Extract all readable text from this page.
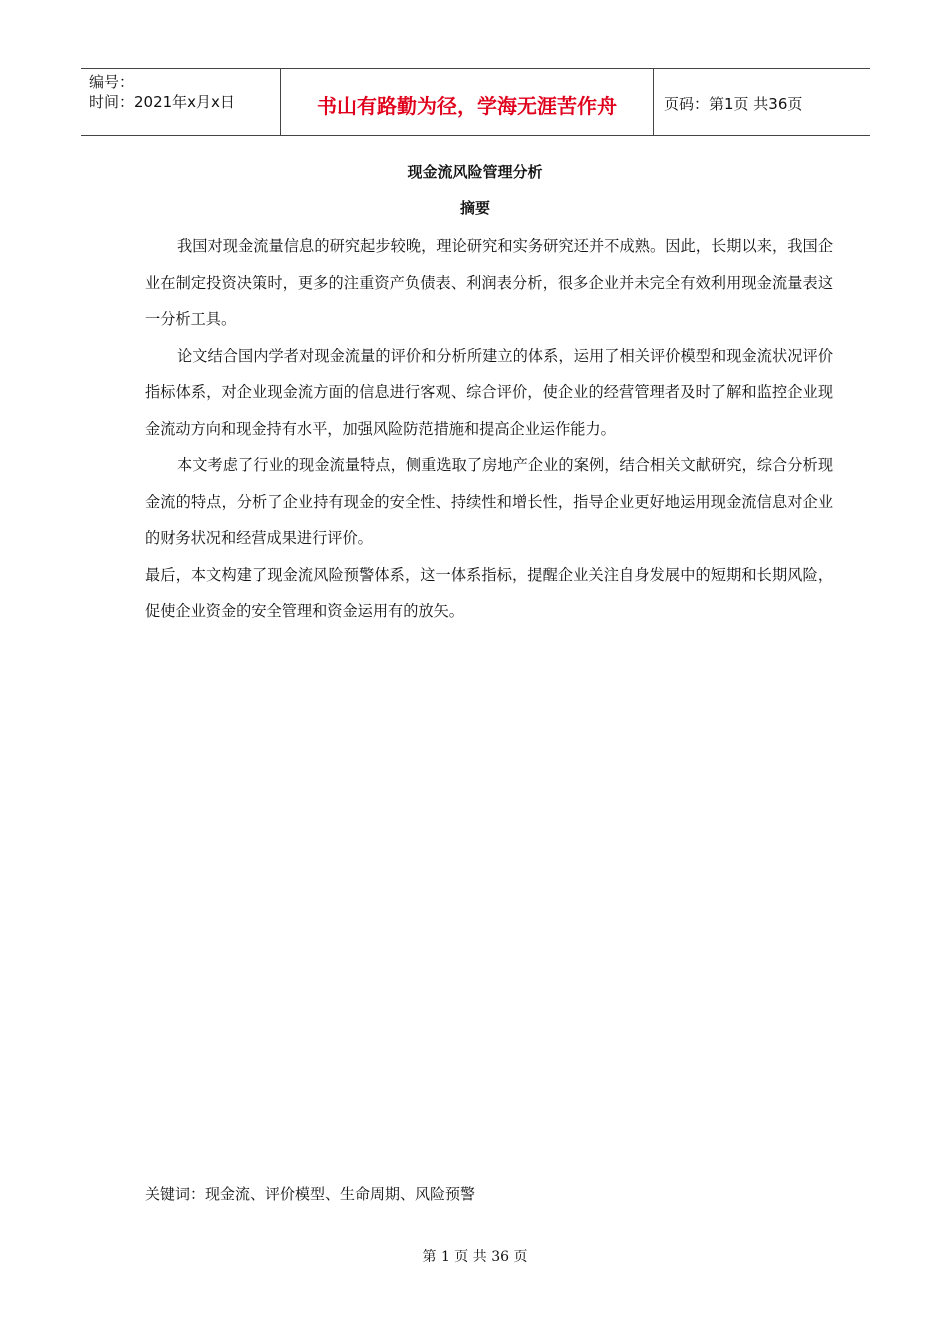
编号：
时间：2021年x月x日	书山有路勤为径，学海无涯苦作舟	页码：第1页 共36页
现金流风险管理分析
摘要

我国对现金流量信息的研究起步较晚，理论研究和实务研究还并不成熟。因此，长期以来，我国企业在制定投资决策时，更多的注重资产负债表、利润表分析，很多企业并未完全有效利用现金流量表这一分析工具。

论文结合国内学者对现金流量的评价和分析所建立的体系，运用了相关评价模型和现金流状况评价指标体系，对企业现金流方面的信息进行客观、综合评价，使企业的经营管理者及时了解和监控企业现金流动方向和现金持有水平，加强风险防范措施和提高企业运作能力。

本文考虑了行业的现金流量特点，侧重选取了房地产企业的案例，结合相关文献研究，综合分析现金流的特点，分析了企业持有现金的安全性、持续性和增长性，指导企业更好地运用现金流信息对企业的财务状况和经营成果进行评价。

最后，本文构建了现金流风险预警体系，这一体系指标，提醒企业关注自身发展中的短期和长期风险，促使企业资金的安全管理和资金运用有的放矢。

关键词：现金流、评价模型、生命周期、风险预警
第 1 页 共 36 页
